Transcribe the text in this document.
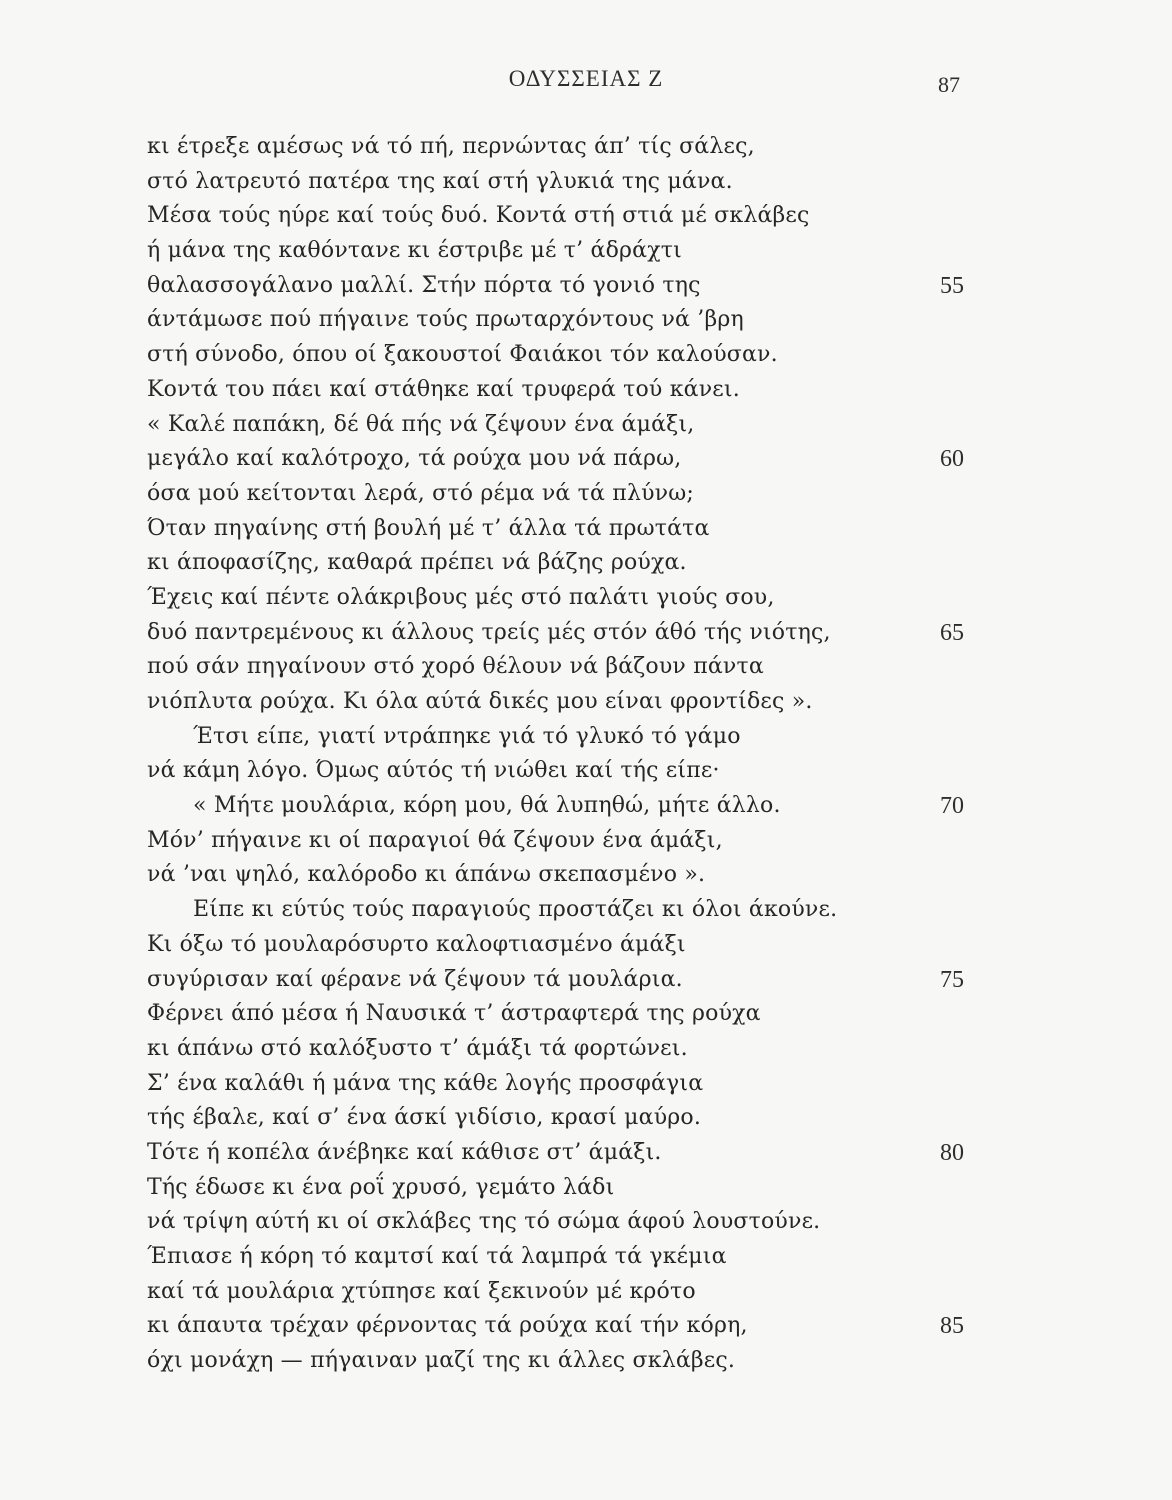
ΟΔΥΣΣΕΙΑΣ Ζ	87
κι έτρεξε αμέσως νά τό πή, περνώντας άπ’ τίς σάλες,
στό λατρευτό πατέρα της καί στή γλυκιά της μάνα.
Μέσα τούς ηύρε καί τούς δυό. Κοντά στή στιά μέ σκλάβες
ή μάνα της καθόντανε κι έστριβε μέ τ’ άδράχτι
θαλασσογάλανο μαλλί. Στήν πόρτα τό γονιό της	55
άντάμωσε πού πήγαινε τούς πρωταρχόντους νά ’βρη
στή σύνοδο, όπου οί ξακουστοί Φαιάκοι τόν καλούσαν.
Κοντά του πάει καί στάθηκε καί τρυφερά τού κάνει.
« Καλέ παπάκη, δέ θά πής νά ζέψουν ένα άμάξι,
μεγάλο καί καλότροχο, τά ρούχα μου νά πάρω,	60
όσα μού κείτονται λερά, στό ρέμα νά τά πλύνω;
Όταν πηγαίνης στή βουλή μέ τ’ άλλα τά πρωτάτα
κι άποφασίζης, καθαρά πρέπει νά βάζης ρούχα.
Έχεις καί πέντε ολάκριβους μές στό παλάτι γιούς σου,
δυό παντρεμένους κι άλλους τρείς μές στόν άθό τής νιότης,	65
πού σάν πηγαίνουν στό χορό θέλουν νά βάζουν πάντα
νιόπλυτα ρούχα. Κι όλα αύτά δικές μου είναι φροντίδες ».
Έτσι είπε, γιατί ντράπηκε γιά τό γλυκό τό γάμο
νά κάμη λόγο. Όμως αύτός τή νιώθει καί τής είπε·
« Μήτε μουλάρια, κόρη μου, θά λυπηθώ, μήτε άλλο.	70
Μόν’ πήγαινε κι οί παραγιοί θά ζέψουν ένα άμάξι,
νά ’ναι ψηλό, καλόροδο κι άπάνω σκεπασμένο ».
Είπε κι εύτύς τούς παραγιούς προστάζει κι όλοι άκούνε.
Κι όξω τό μουλαρόσυρτο καλοφτιασμένο άμάξι
συγύρισαν καί φέρανε νά ζέψουν τά μουλάρια.	75
Φέρνει άπό μέσα ή Ναυσικά τ’ άστραφτερά της ρούχα
κι άπάνω στό καλόξυστο τ’ άμάξι τά φορτώνει.
Σ’ ένα καλάθι ή μάνα της κάθε λογής προσφάγια
τής έβαλε, καί σ’ ένα άσκί γιδίσιο, κρασί μαύρο.
Τότε ή κοπέλα άνέβηκε καί κάθισε στ’ άμάξι.	80
Τής έδωσε κι ένα ροΐ χρυσό, γεμάτο λάδι
νά τρίψη αύτή κι οί σκλάβες της τό σώμα άφού λουστούνε.
Έπιασε ή κόρη τό καμτσί καί τά λαμπρά τά γκέμια
καί τά μουλάρια χτύπησε καί ξεκινούν μέ κρότο
κι άπαυτα τρέχαν φέρνοντας τά ρούχα καί τήν κόρη,	85
όχι μονάχη — πήγαιναν μαζί της κι άλλες σκλάβες.
